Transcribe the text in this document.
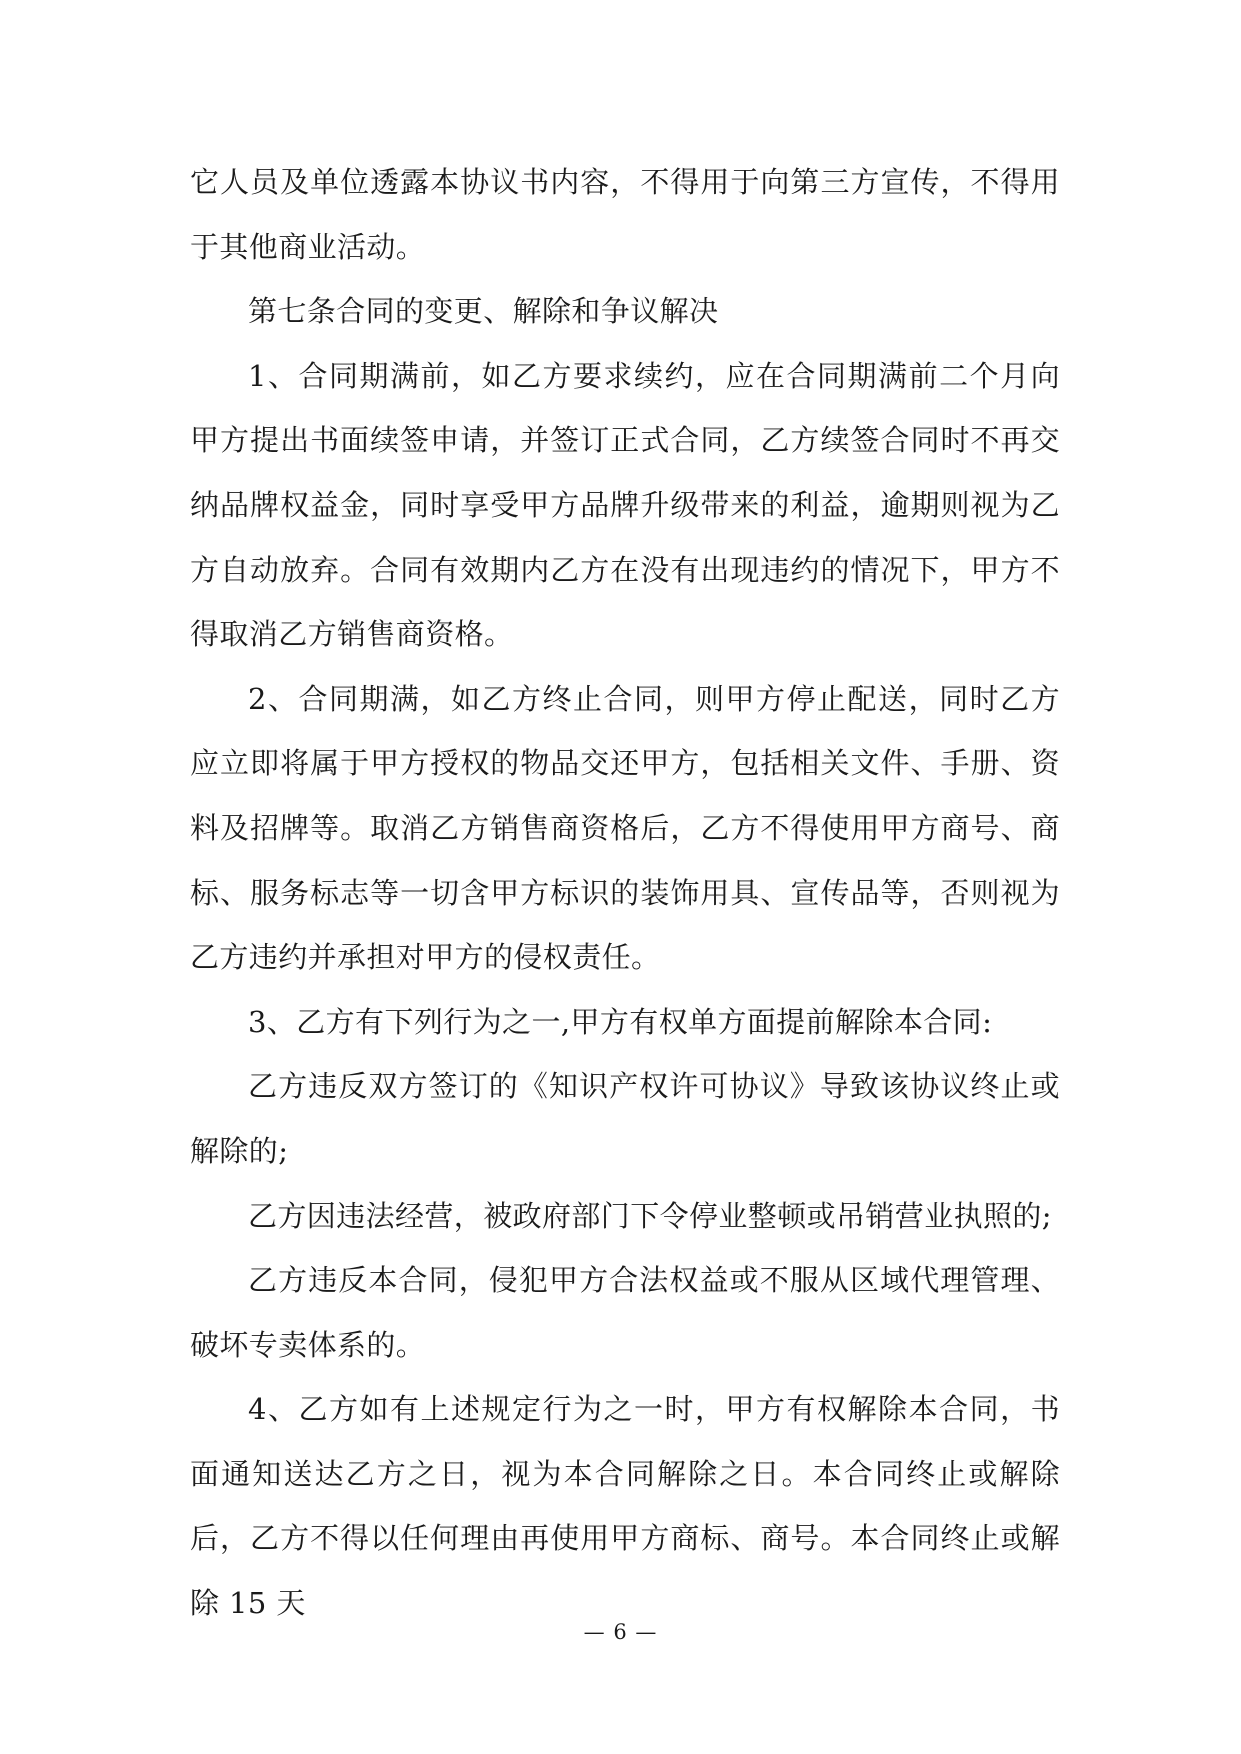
它人员及单位透露本协议书内容，不得用于向第三方宣传，不得用于其他商业活动。

第七条合同的变更、解除和争议解决

1、合同期满前，如乙方要求续约，应在合同期满前二个月向甲方提出书面续签申请，并签订正式合同，乙方续签合同时不再交纳品牌权益金，同时享受甲方品牌升级带来的利益，逾期则视为乙方自动放弃。合同有效期内乙方在没有出现违约的情况下，甲方不得取消乙方销售商资格。

2、合同期满，如乙方终止合同，则甲方停止配送，同时乙方应立即将属于甲方授权的物品交还甲方，包括相关文件、手册、资料及招牌等。取消乙方销售商资格后，乙方不得使用甲方商号、商标、服务标志等一切含甲方标识的装饰用具、宣传品等，否则视为乙方违约并承担对甲方的侵权责任。

3、乙方有下列行为之一,甲方有权单方面提前解除本合同:

乙方违反双方签订的《知识产权许可协议》导致该协议终止或解除的;

乙方因违法经营，被政府部门下令停业整顿或吊销营业执照的;

乙方违反本合同，侵犯甲方合法权益或不服从区域代理管理、破坏专卖体系的。

4、乙方如有上述规定行为之一时，甲方有权解除本合同，书面通知送达乙方之日，视为本合同解除之日。本合同终止或解除后，乙方不得以任何理由再使用甲方商标、商号。本合同终止或解除 15 天

— 6 —
